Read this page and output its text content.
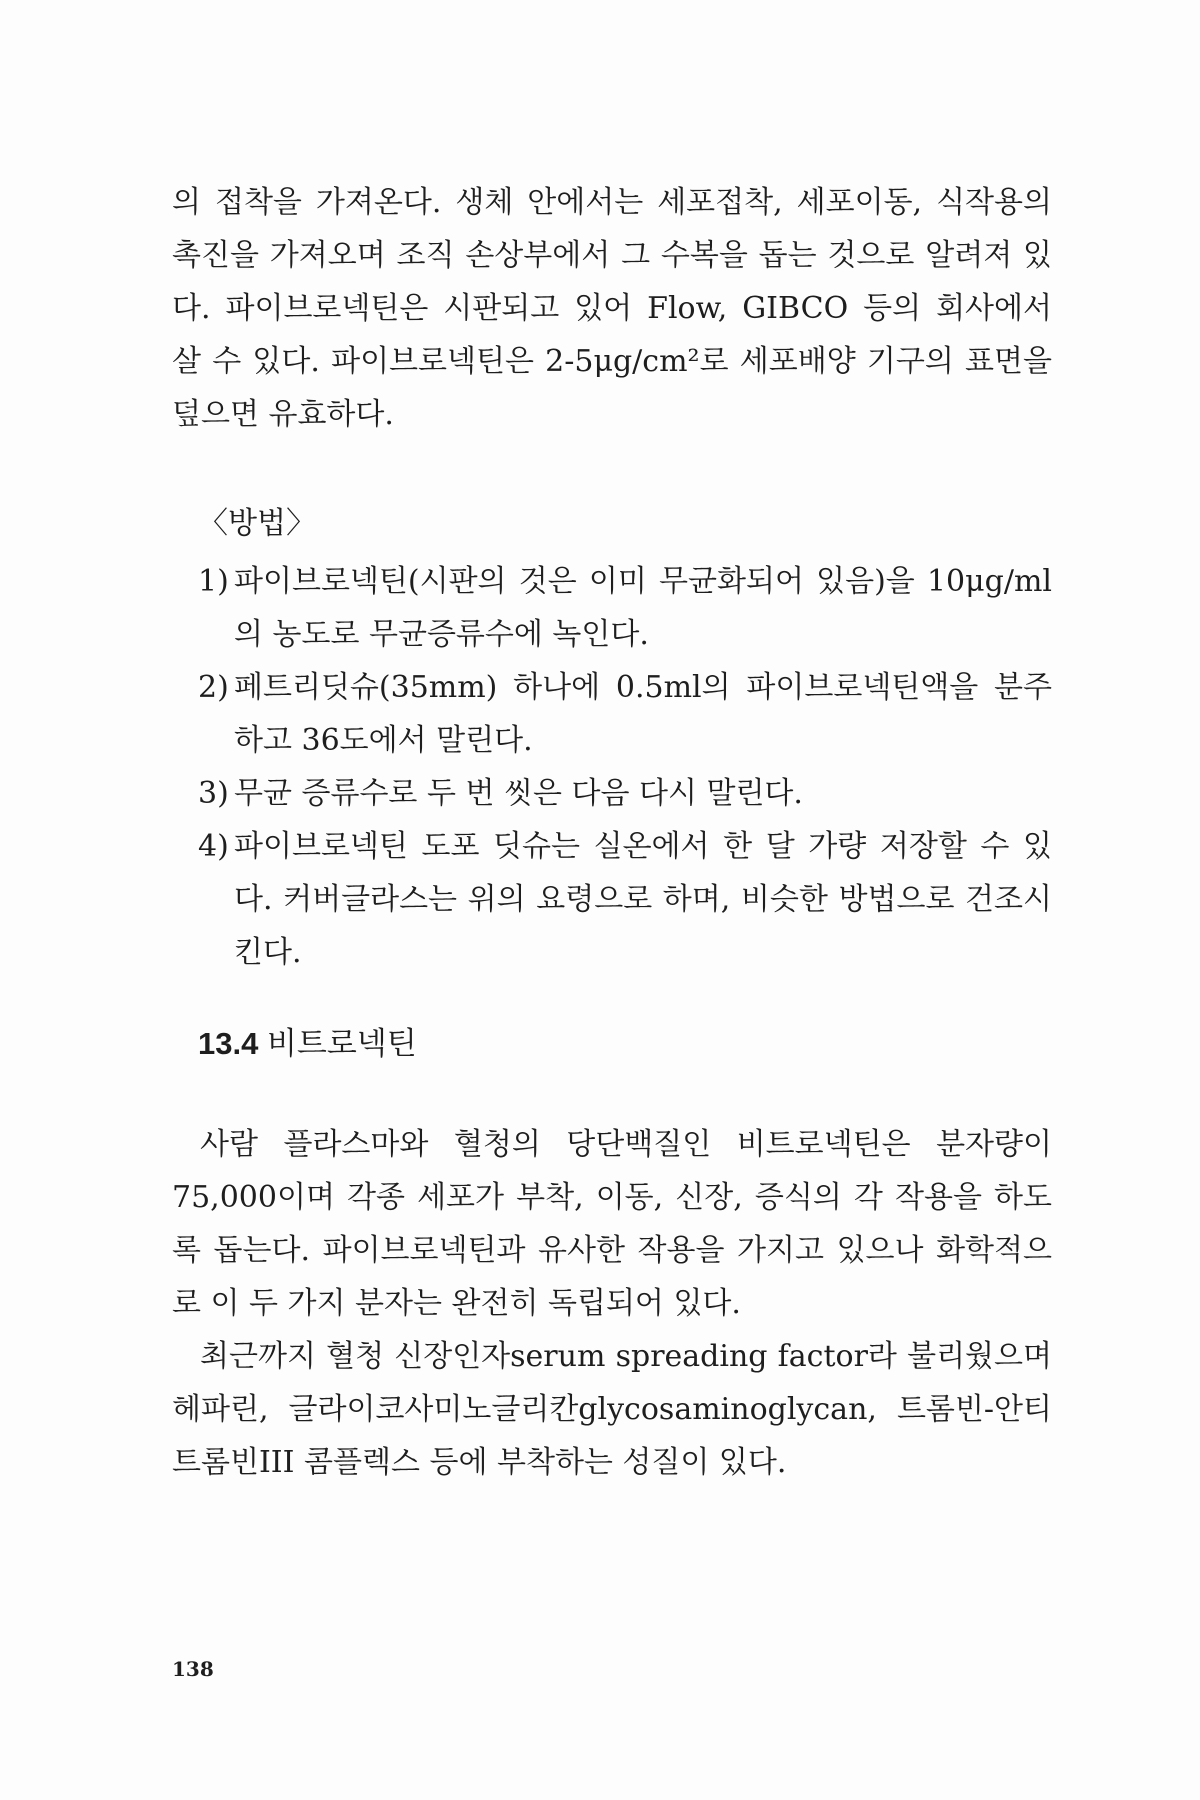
의 접착을 가져온다. 생체 안에서는 세포접착, 세포이동, 식작용의 촉진을 가져오며 조직 손상부에서 그 수복을 돕는 것으로 알려져 있다. 파이브로넥틴은 시판되고 있어 Flow, GIBCO 등의 회사에서 살 수 있다. 파이브로넥틴은 2-5μg/cm²로 세포배양 기구의 표면을 덮으면 유효하다.

〈방법〉

1) 파이브로넥틴(시판의 것은 이미 무균화되어 있음)을 10μg/ml의 농도로 무균증류수에 녹인다.

2) 페트리딧슈(35mm) 하나에 0.5ml의 파이브로넥틴액을 분주하고 36도에서 말린다.

3) 무균 증류수로 두 번 씻은 다음 다시 말린다.

4) 파이브로넥틴 도포 딧슈는 실온에서 한 달 가량 저장할 수 있다. 커버글라스는 위의 요령으로 하며, 비슷한 방법으로 건조시킨다.

13.4 비트로넥틴

사람 플라스마와 혈청의 당단백질인 비트로넥틴은 분자량이 75,000이며 각종 세포가 부착, 이동, 신장, 증식의 각 작용을 하도록 돕는다. 파이브로넥틴과 유사한 작용을 가지고 있으나 화학적으로 이 두 가지 분자는 완전히 독립되어 있다.

최근까지 혈청 신장인자serum spreading factor라 불리웠으며 헤파린, 글라이코사미노글리칸glycosaminoglycan, 트롬빈-안티트롬빈III 콤플렉스 등에 부착하는 성질이 있다.

138
